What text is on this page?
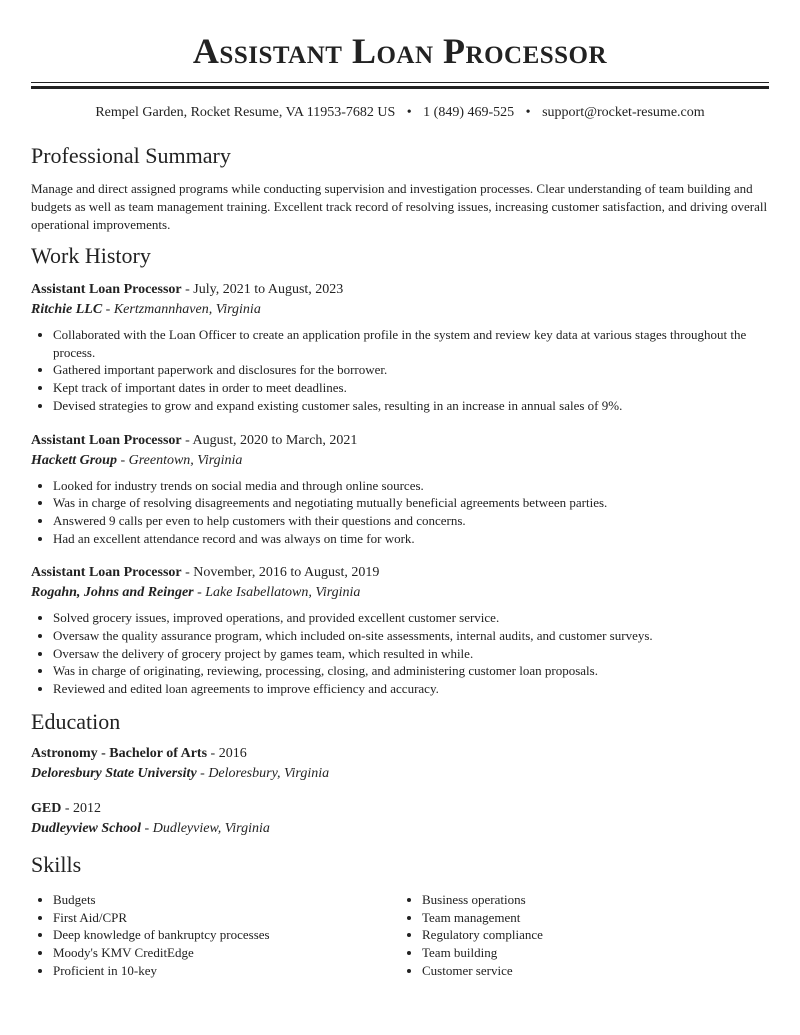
Assistant Loan Processor
Rempel Garden, Rocket Resume, VA 11953-7682 US • 1 (849) 469-525 • support@rocket-resume.com
Professional Summary

Manage and direct assigned programs while conducting supervision and investigation processes. Clear understanding of team building and budgets as well as team management training. Excellent track record of resolving issues, increasing customer satisfaction, and driving overall operational improvements.

Work History

Assistant Loan Processor - July, 2021 to August, 2023

Ritchie LLC - Kertzmannhaven, Virginia

• Collaborated with the Loan Officer to create an application profile in the system and review key data at various stages throughout the process.
• Gathered important paperwork and disclosures for the borrower.
• Kept track of important dates in order to meet deadlines.
• Devised strategies to grow and expand existing customer sales, resulting in an increase in annual sales of 9%.

Assistant Loan Processor - August, 2020 to March, 2021

Hackett Group - Greentown, Virginia

• Looked for industry trends on social media and through online sources.
• Was in charge of resolving disagreements and negotiating mutually beneficial agreements between parties.
• Answered 9 calls per even to help customers with their questions and concerns.
• Had an excellent attendance record and was always on time for work.

Assistant Loan Processor - November, 2016 to August, 2019

Rogahn, Johns and Reinger - Lake Isabellatown, Virginia

• Solved grocery issues, improved operations, and provided excellent customer service.
• Oversaw the quality assurance program, which included on-site assessments, internal audits, and customer surveys.
• Oversaw the delivery of grocery project by games team, which resulted in while.
• Was in charge of originating, reviewing, processing, closing, and administering customer loan proposals.
• Reviewed and edited loan agreements to improve efficiency and accuracy.
Education

Astronomy - Bachelor of Arts - 2016

Deloresbury State University - Deloresbury, Virginia

GED - 2012

Dudleyview School - Dudleyview, Virginia

Skills
• Budgets
• First Aid/CPR
• Deep knowledge of bankruptcy processes
• Moody's KMV CreditEdge
• Proficient in 10-key
• Business operations
• Team management
• Regulatory compliance
• Team building
• Customer service
